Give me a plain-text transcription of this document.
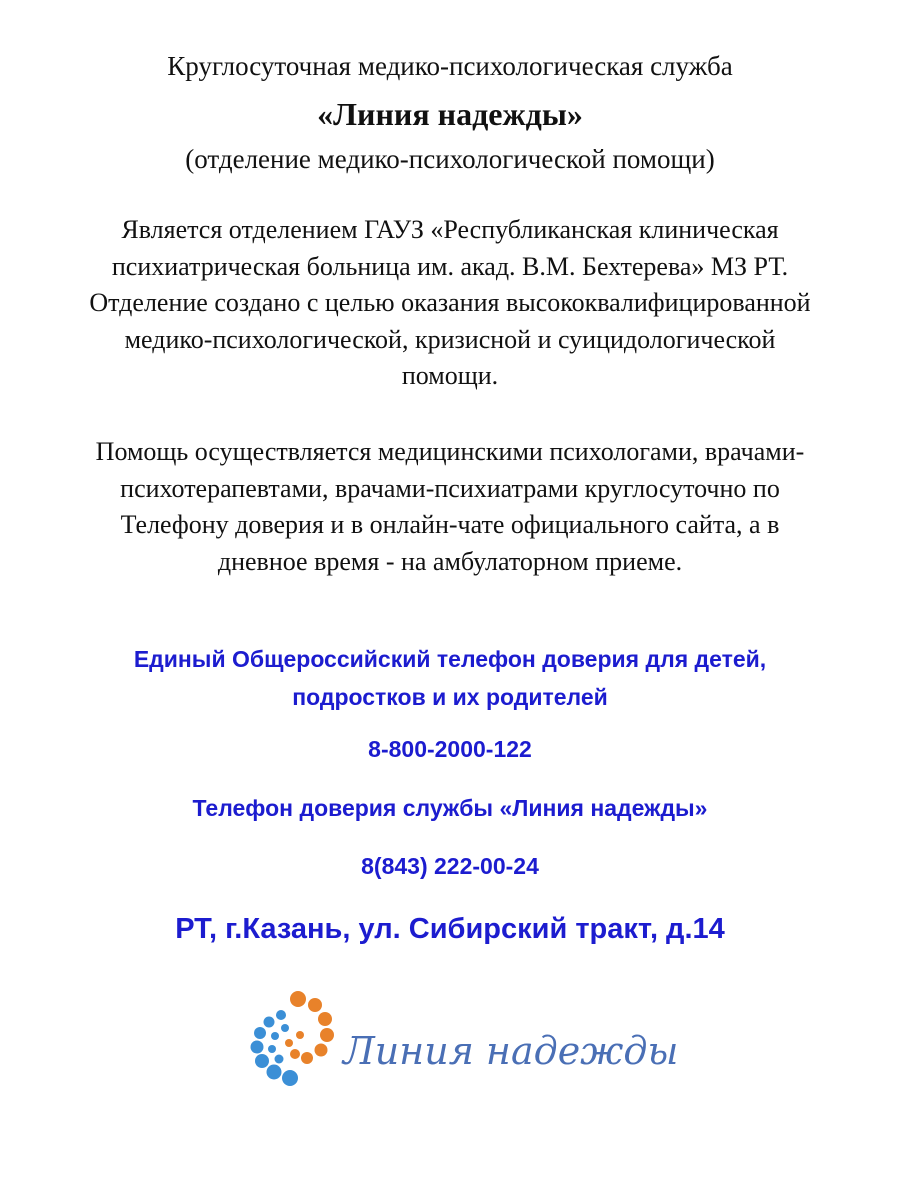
Круглосуточная медико-психологическая служба
«Линия надежды»
(отделение медико-психологической помощи)
Является отделением ГАУЗ «Республиканская клиническая
психиатрическая больница им. акад. В.М. Бехтерева» МЗ РТ.
Отделение создано с целью оказания высококвалифицированной
медико-психологической, кризисной и суицидологической
помощи.
Помощь осуществляется медицинскими психологами, врачами-
психотерапевтами, врачами-психиатрами круглосуточно по
Телефону доверия и в онлайн-чате официального сайта, а в
дневное время - на амбулаторном приеме.
Единый Общероссийский телефон доверия для детей,
подростков и их родителей
8-800-2000-122
Телефон доверия службы «Линия надежды»
8(843) 222-00-24
РТ, г.Казань, ул. Сибирский тракт, д.14
Линия надежды
